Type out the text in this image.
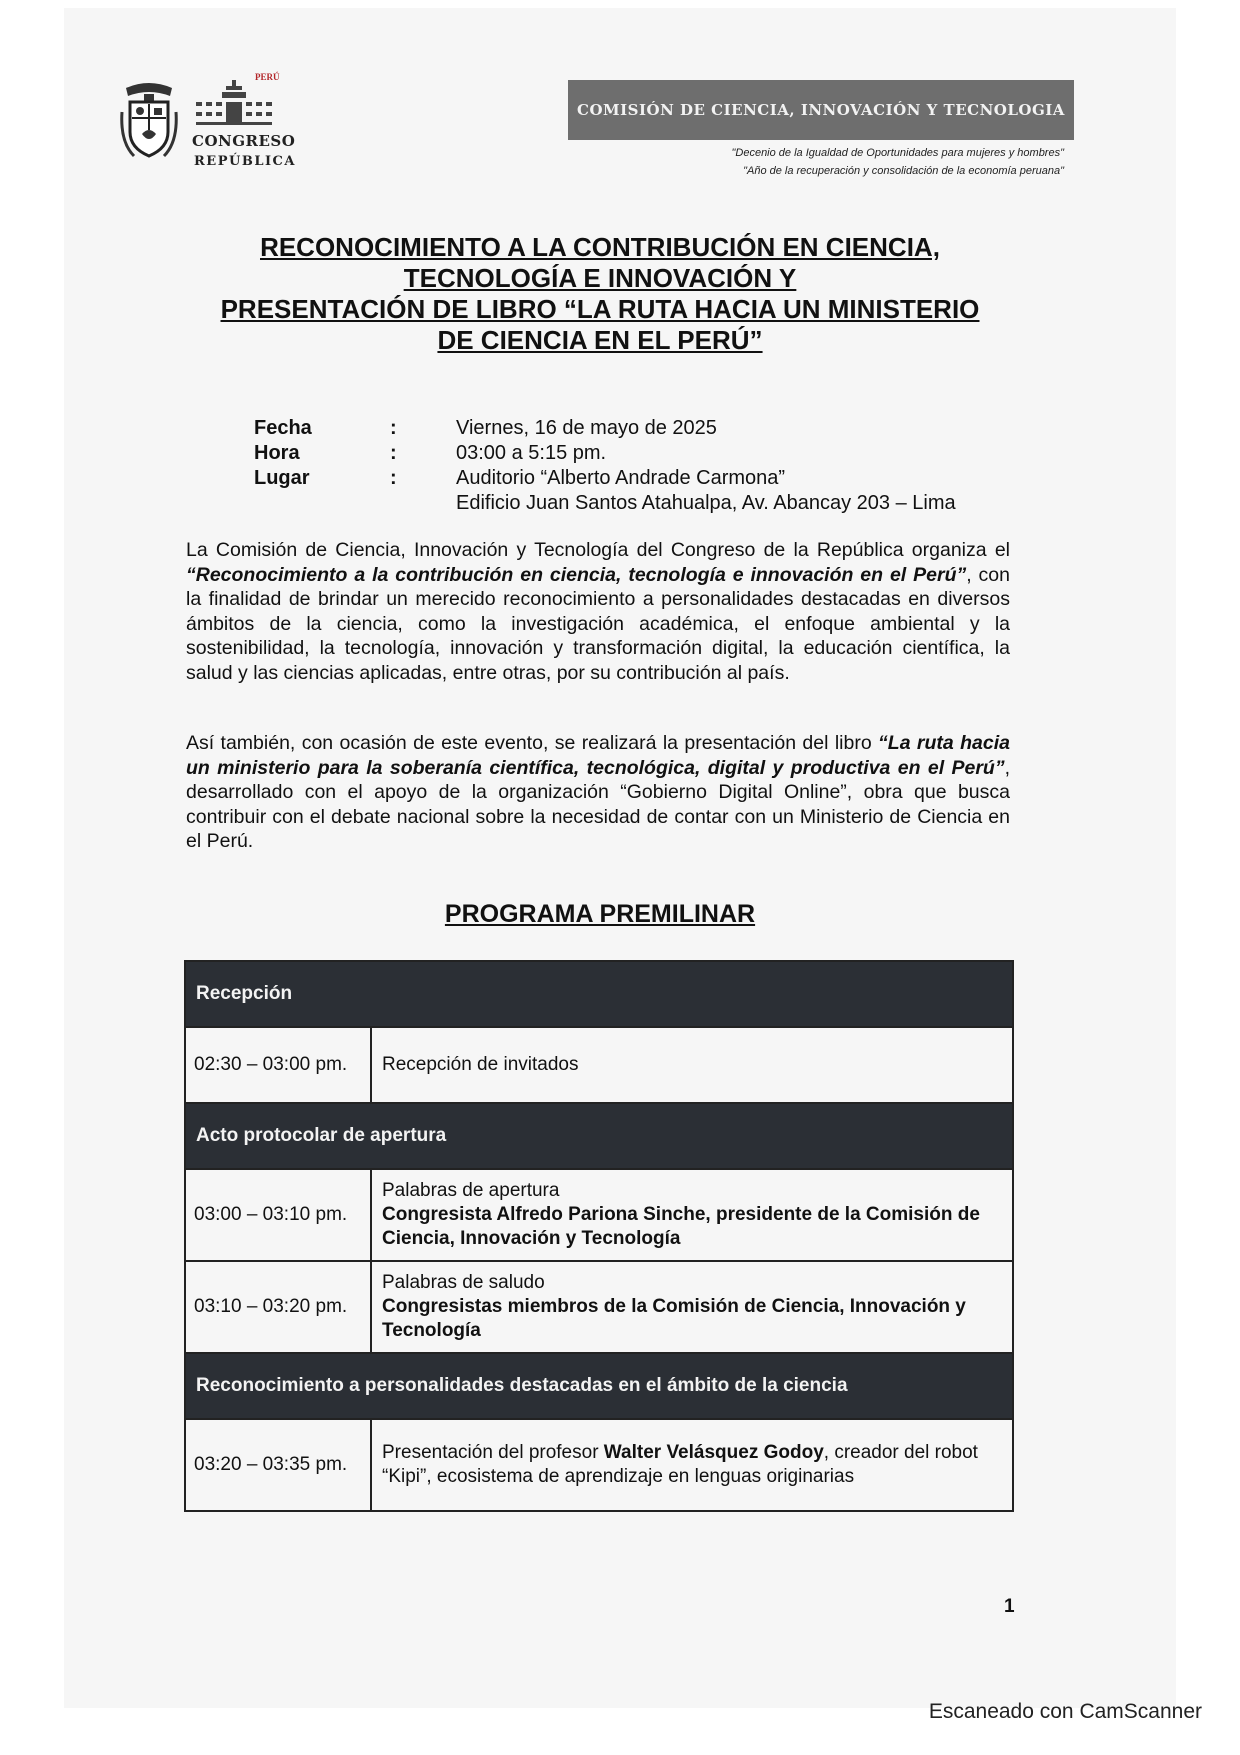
PERÚ
CONGRESO
REPÚBLICA
COMISIÓN DE CIENCIA, INNOVACIÓN Y TECNOLOGIA
"Decenio de la Igualdad de Oportunidades para mujeres y hombres"
"Año de la recuperación y consolidación de la economía peruana"
RECONOCIMIENTO A LA CONTRIBUCIÓN EN CIENCIA,
TECNOLOGÍA E INNOVACIÓN Y
PRESENTACIÓN DE LIBRO “LA RUTA HACIA UN MINISTERIO
DE CIENCIA EN EL PERÚ”
Fecha	:	Viernes, 16 de mayo de 2025
Hora	:	03:00 a 5:15 pm.
Lugar	:	Auditorio “Alberto Andrade Carmona”
Edificio Juan Santos Atahualpa, Av. Abancay 203 – Lima

La Comisión de Ciencia, Innovación y Tecnología del Congreso de la República organiza el “Reconocimiento a la contribución en ciencia, tecnología e innovación en el Perú”, con la finalidad de brindar un merecido reconocimiento a personalidades destacadas en diversos ámbitos de la ciencia, como la investigación académica, el enfoque ambiental y la sostenibilidad, la tecnología, innovación y transformación digital, la educación científica, la salud y las ciencias aplicadas, entre otras, por su contribución al país.

Así también, con ocasión de este evento, se realizará la presentación del libro “La ruta hacia un ministerio para la soberanía científica, tecnológica, digital y productiva en el Perú”, desarrollado con el apoyo de la organización “Gobierno Digital Online”, obra que busca contribuir con el debate nacional sobre la necesidad de contar con un Ministerio de Ciencia en el Perú.

PROGRAMA PREMILINAR
Recepción	
02:30 – 03:00 pm.	Recepción de invitados
Acto protocolar de apertura	
03:00 – 03:10 pm.	Palabras de apertura
Congresista Alfredo Pariona Sinche, presidente de la Comisión de Ciencia, Innovación y Tecnología

03:10 – 03:20 pm.	Palabras de saludo
Congresistas miembros de la Comisión de Ciencia, Innovación y Tecnología

Reconocimiento a personalidades destacadas en el ámbito de la ciencia	
03:20 – 03:35 pm.	Presentación del profesor Walter Velásquez Godoy, creador del robot “Kipi”, ecosistema de aprendizaje en lenguas originarias
1
Escaneado con CamScanner
